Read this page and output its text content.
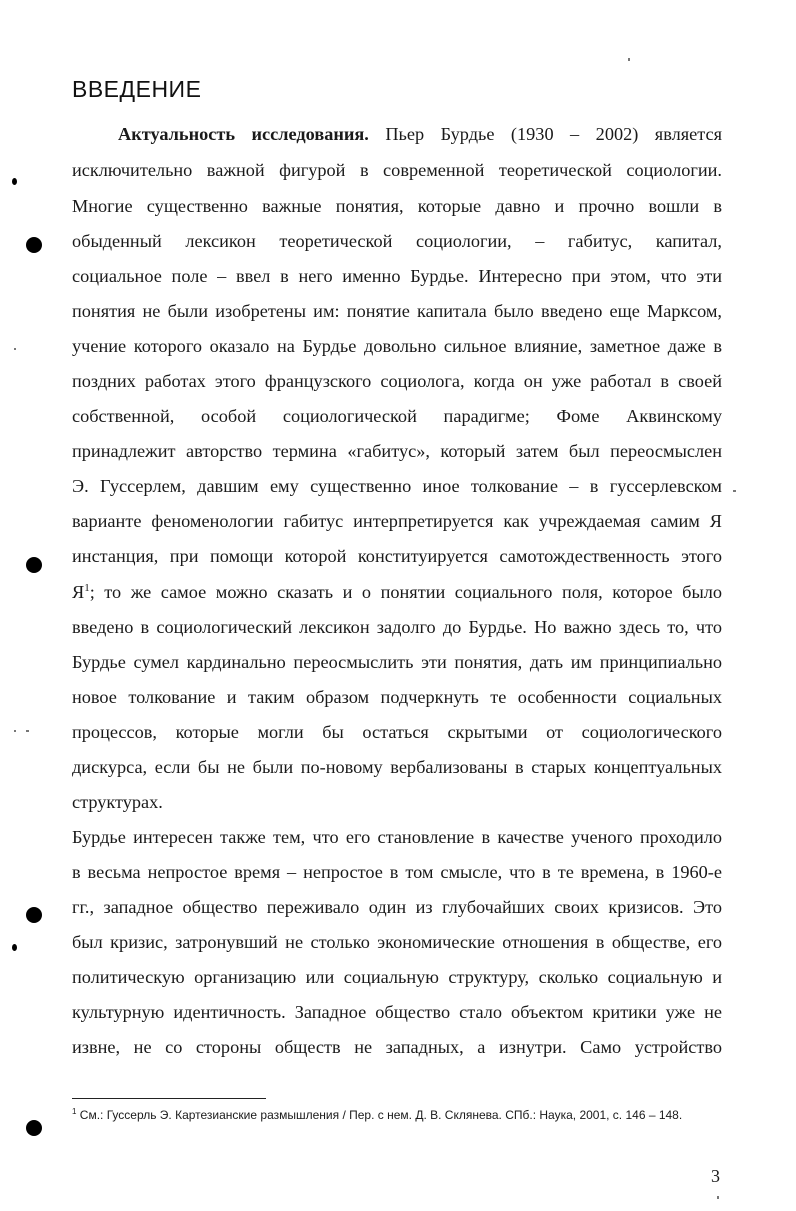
ВВЕДЕНИЕ
Актуальность исследования. Пьер Бурдье (1930 – 2002) является
исключительно важной фигурой в современной теоретической социологии.
Многие существенно важные понятия, которые давно и прочно вошли в
обыденный лексикон теоретической социологии, – габитус, капитал,
социальное поле – ввел в него именно Бурдье. Интересно при этом, что эти
понятия не были изобретены им: понятие капитала было введено еще Марксом,
учение которого оказало на Бурдье довольно сильное влияние, заметное даже в
поздних работах этого французского социолога, когда он уже работал в своей
собственной, особой социологической парадигме; Фоме Аквинскому
принадлежит авторство термина «габитус», который затем был переосмыслен
Э. Гуссерлем, давшим ему существенно иное толкование – в гуссерлевском
варианте феноменологии габитус интерпретируется как учреждаемая самим Я
инстанция, при помощи которой конституируется самотождественность этого
$Я^1$; то же самое можно сказать и о понятии социального поля, которое было
введено в социологический лексикон задолго до Бурдье. Но важно здесь то, что
Бурдье сумел кардинально переосмыслить эти понятия, дать им принципиально
новое толкование и таким образом подчеркнуть те особенности социальных
процессов, которые могли бы остаться скрытыми от социологического
дискурса, если бы не были по-новому вербализованы в старых концептуальных
структурах.
Бурдье интересен также тем, что его становление в качестве ученого проходило
в весьма непростое время – непростое в том смысле, что в те времена, в 1960-е
гг., западное общество переживало один из глубочайших своих кризисов. Это
был кризис, затронувший не столько экономические отношения в обществе, его
политическую организацию или социальную структуру, сколько социальную и
культурную идентичность. Западное общество стало объектом критики уже не
извне, не со стороны обществ не западных, а изнутри. Само устройство
$^1$ См.: Гуссерль Э. Картезианские размышления / Пер. с нем. Д. В. Склянева. СПб.: Наука, 2001, с. 146 – 148.
3
